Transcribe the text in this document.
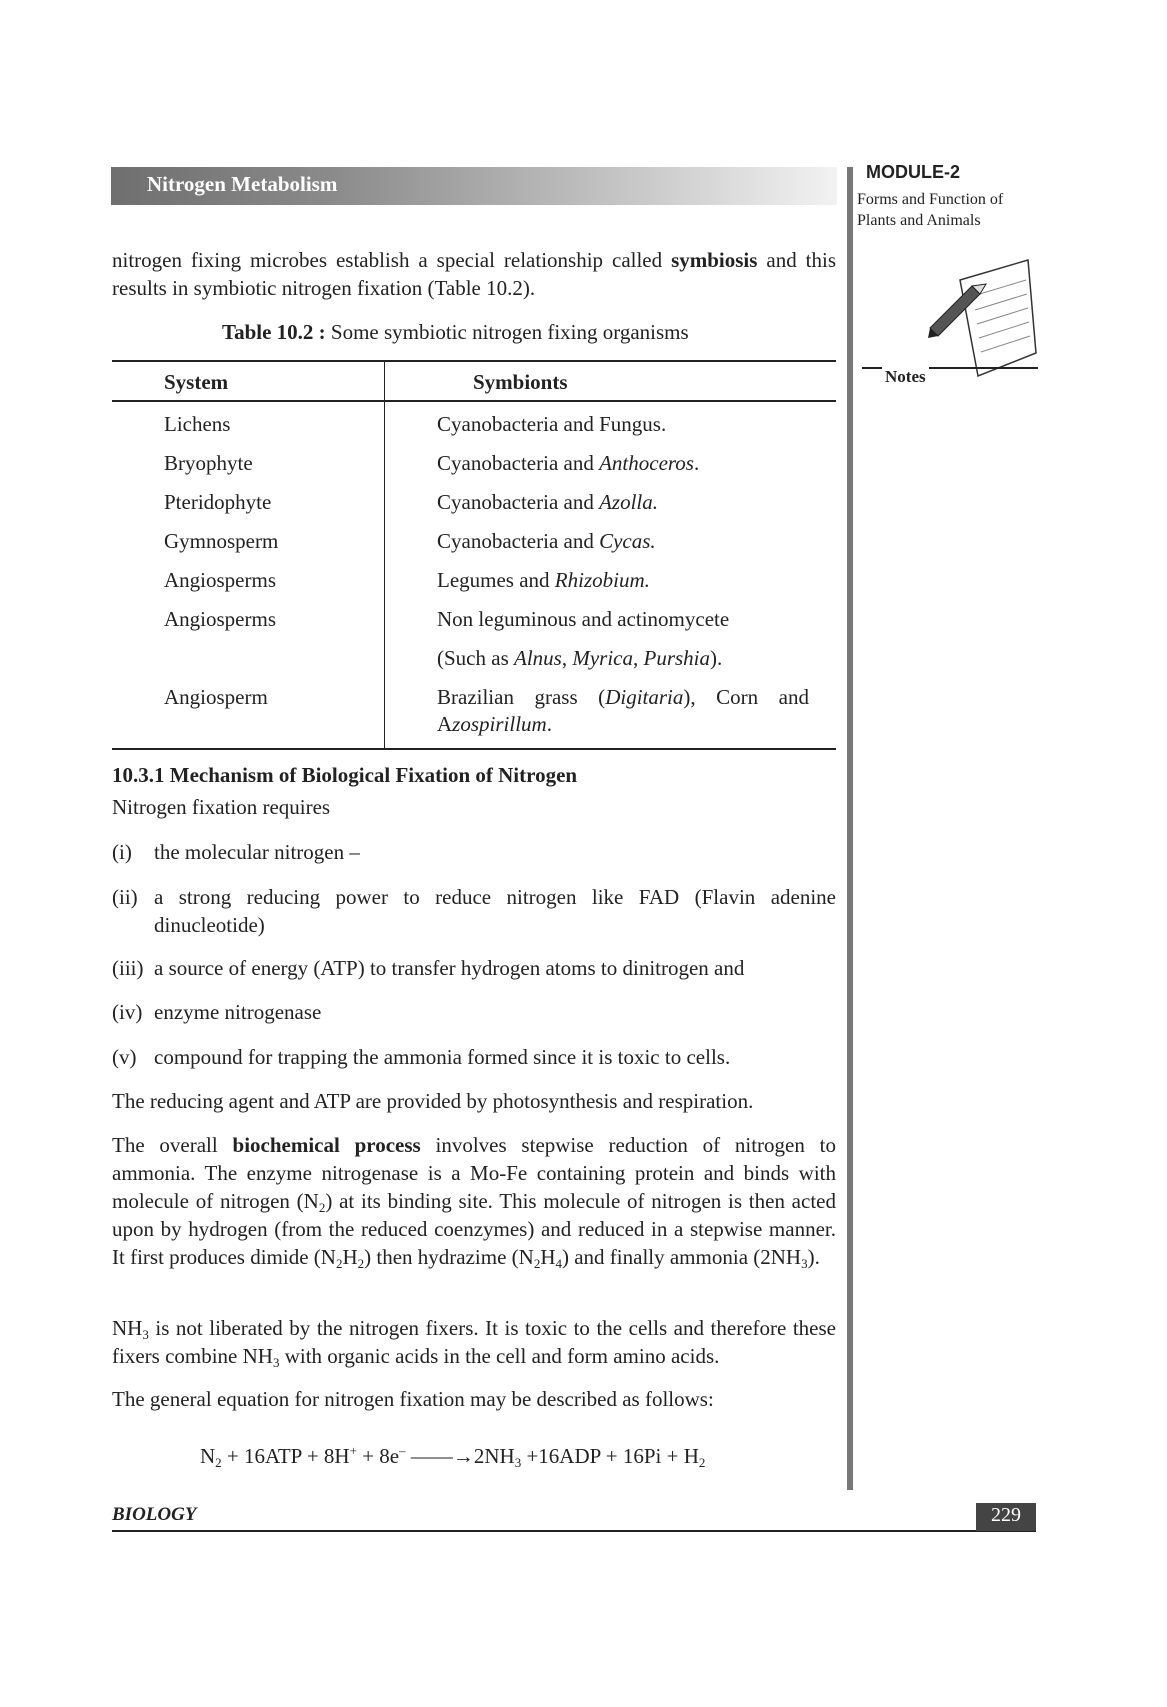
Nitrogen Metabolism	MODULE-2
Forms and Function of
Plants and Animals
Notes
nitrogen fixing microbes establish a special relationship called symbiosis and this results in symbiotic nitrogen fixation (Table 10.2).
Table 10.2 : Some symbiotic nitrogen fixing organisms
System	Symbionts
Lichens	Cyanobacteria and Fungus.
Bryophyte	Cyanobacteria and Anthoceros.
Pteridophyte	Cyanobacteria and Azolla.
Gymnosperm	Cyanobacteria and Cycas.
Angiosperms	Legumes and Rhizobium.
Angiosperms	Non leguminous and actinomycete
(Such as Alnus, Myrica, Purshia).
Angiosperm	Brazilian grass (Digitaria), Corn and Azospirillum.
10.3.1 Mechanism of Biological Fixation of Nitrogen
Nitrogen fixation requires
(i) the molecular nitrogen –
(ii) a strong reducing power to reduce nitrogen like FAD (Flavin adenine dinucleotide)
(iii) a source of energy (ATP) to transfer hydrogen atoms to dinitrogen and
(iv) enzyme nitrogenase
(v) compound for trapping the ammonia formed since it is toxic to cells.
The reducing agent and ATP are provided by photosynthesis and respiration.
The overall biochemical process involves stepwise reduction of nitrogen to ammonia. The enzyme nitrogenase is a Mo-Fe containing protein and binds with molecule of nitrogen $(N_2)$ at its binding site. This molecule of nitrogen is then acted upon by hydrogen (from the reduced coenzymes) and reduced in a stepwise manner. It first produces dimide $(N_2H_2)$ then hydrazime $(N_2H_4)$ and finally ammonia $(2NH_3)$.
$NH_3$ is not liberated by the nitrogen fixers. It is toxic to the cells and therefore these fixers combine $NH_3$ with organic acids in the cell and form amino acids.
The general equation for nitrogen fixation may be described as follows:
$N_2 + 16ATP + 8H^+ + 8e^-$ $——\to 2NH_3 +16ADP + 16Pi + H_2$
BIOLOGY	229
